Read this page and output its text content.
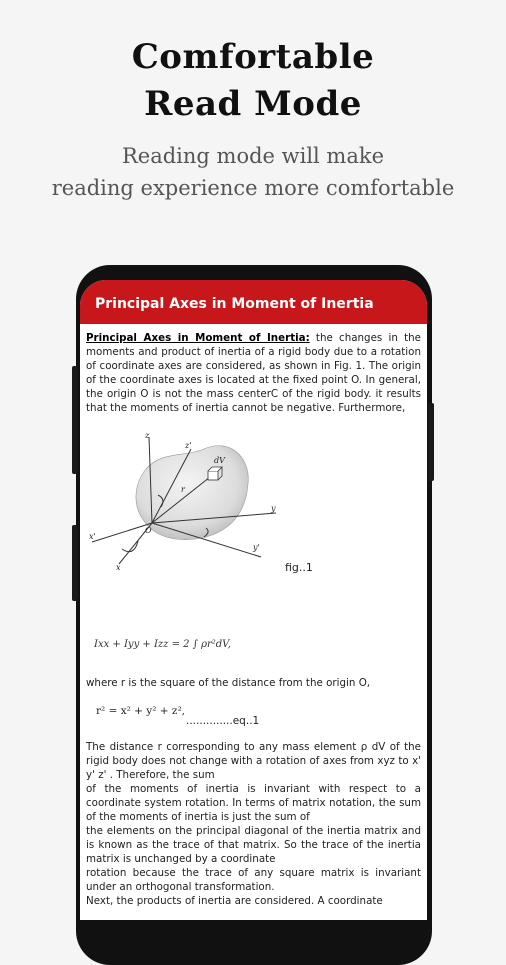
Comfortable
Read Mode
Reading mode will make
reading experience more comfortable
Principal Axes in Moment of Inertia

Principal Axes in Moment of Inertia: the changes in the moments and product of inertia of a rigid body due to a rotation of coordinate axes are considered, as shown in Fig. 1. The origin of the coordinate axes is located at the fixed point O. In general, the origin O is not the mass centerC of the rigid body. it results that the moments of inertia cannot be negative. Furthermore,

z
z'
dV
r
y
y'
x
x'
O
fig..1
Ixx + Iyy + Izz = 2 ∫ ρr²dV,

where r is the square of the distance from the origin O,

r² = x² + y² + z²,
..............eq..1

The distance r corresponding to any mass element ρ dV of the rigid body does not change with a rotation of axes from xyz to x' y' z' . Therefore, the sum

of the moments of inertia is invariant with respect to a coordinate system rotation. In terms of matrix notation, the sum of the moments of inertia is just the sum of

the elements on the principal diagonal of the inertia matrix and is known as the trace of that matrix. So the trace of the inertia matrix is unchanged by a coordinate

rotation because the trace of any square matrix is invariant under an orthogonal transformation.

Next, the products of inertia are considered. A coordinate
